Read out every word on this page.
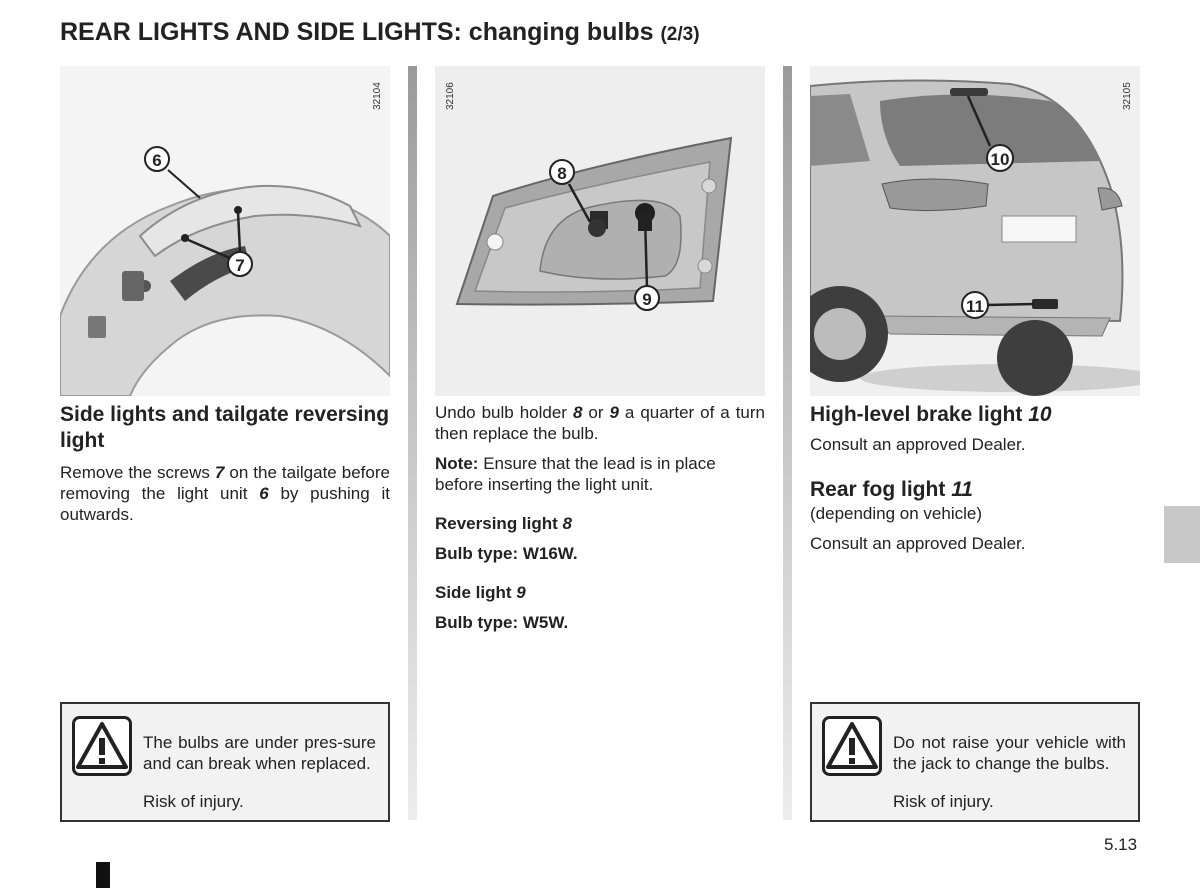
REAR LIGHTS AND SIDE LIGHTS: changing bulbs (2/3)
6
7
32104
8
9
32106
10
11
32105
Side lights and tailgate reversing light

Remove the screws 7 on the tailgate before removing the light unit 6 by pushing it outwards.

Undo bulb holder 8 or 9 a quarter of a turn then replace the bulb.

Note: Ensure that the lead is in place before inserting the light unit.

Reversing light 8

Bulb type: W16W.

Side light 9

Bulb type: W5W.

High-level brake light 10

Consult an approved Dealer.

Rear fog light 11

(depending on vehicle)

Consult an approved Dealer.

The bulbs are under pres-sure and can break when replaced.

Risk of injury.

Do not raise your vehicle with the jack to change the bulbs.

Risk of injury.

5.13
